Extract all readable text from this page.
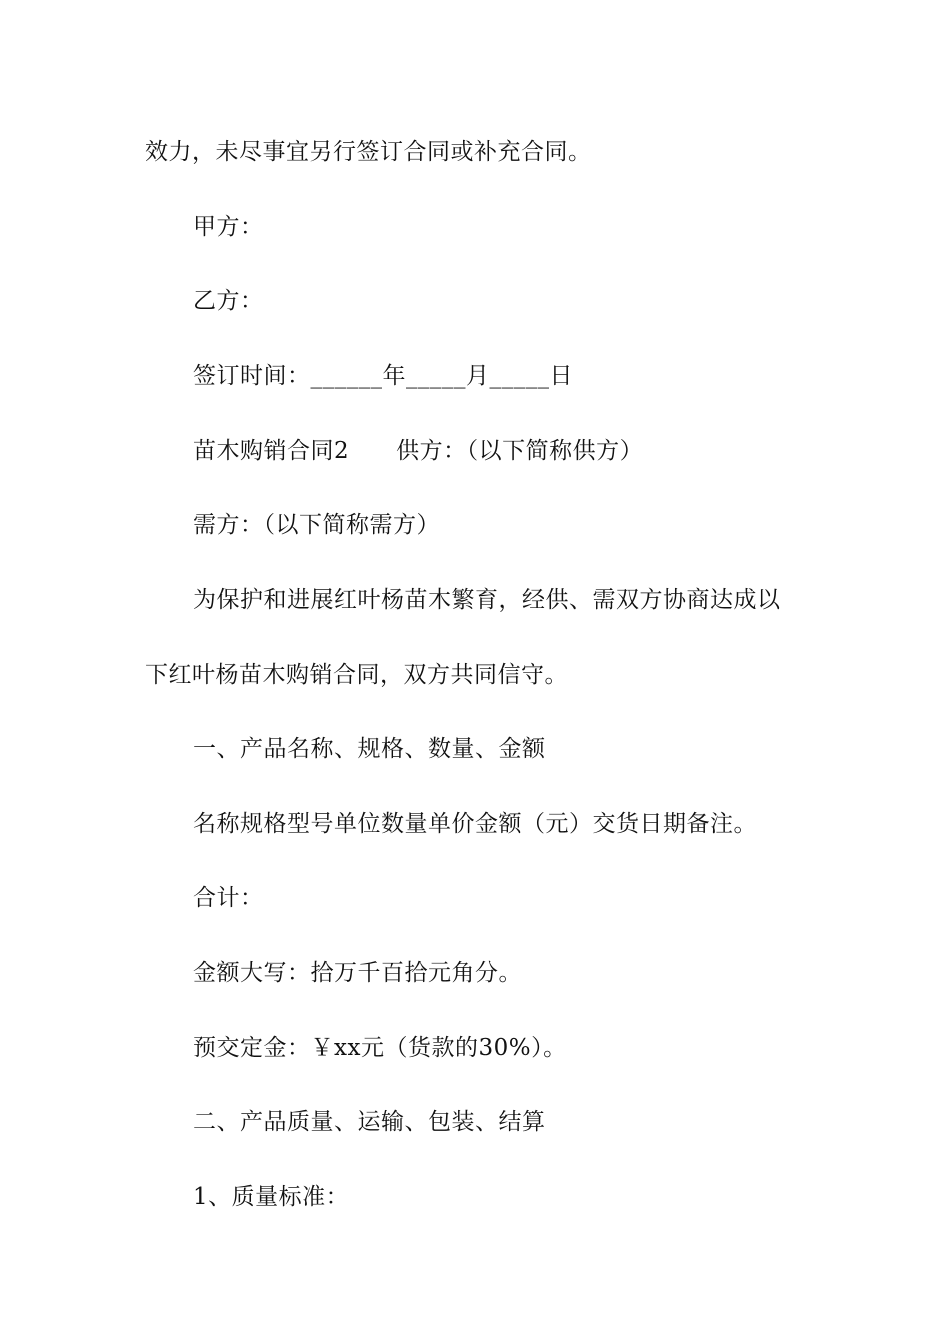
效力，未尽事宜另行签订合同或补充合同。
甲方：
乙方：
签订时间：______年_____月_____日
苗木购销合同2　　供方：（以下简称供方）
需方：（以下简称需方）
为保护和进展红叶杨苗木繁育，经供、需双方协商达成以
下红叶杨苗木购销合同，双方共同信守。
一、产品名称、规格、数量、金额
名称规格型号单位数量单价金额（元）交货日期备注。
合计：
金额大写：拾万千百拾元角分。
预交定金：￥xx元（货款的30%）。
二、产品质量、运输、包装、结算
1、质量标准：
